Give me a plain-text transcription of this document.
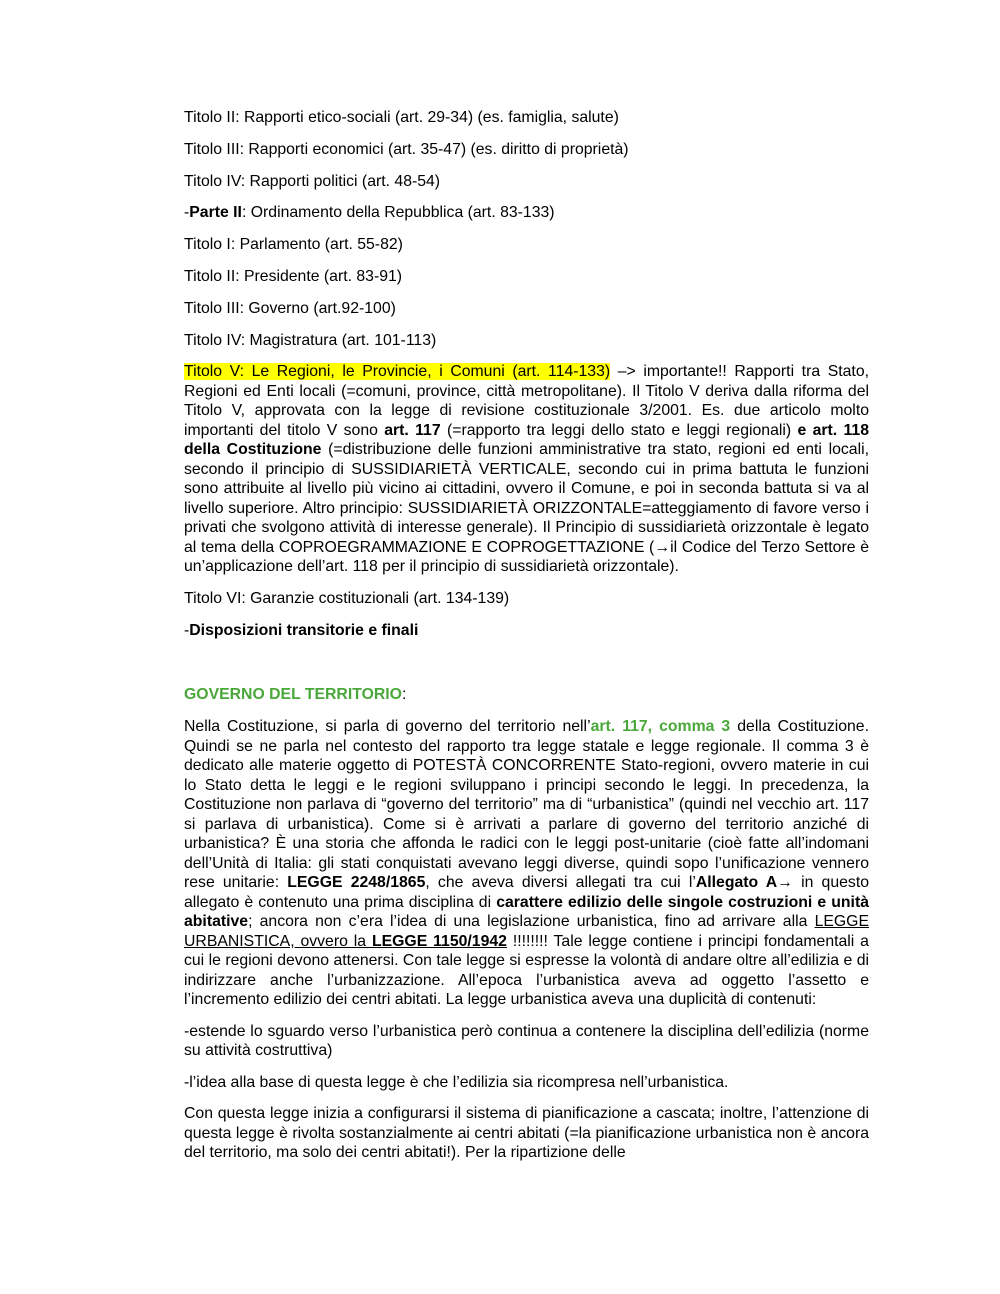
Titolo II: Rapporti etico-sociali (art. 29-34) (es. famiglia, salute)
Titolo III: Rapporti economici (art. 35-47) (es. diritto di proprietà)
Titolo IV: Rapporti politici (art. 48-54)
-Parte II: Ordinamento della Repubblica (art. 83-133)
Titolo I: Parlamento (art. 55-82)
Titolo II: Presidente (art. 83-91)
Titolo III: Governo (art.92-100)
Titolo IV: Magistratura (art. 101-113)
Titolo V: Le Regioni, le Provincie, i Comuni (art. 114-133) –> importante!! Rapporti tra Stato, Regioni ed Enti locali (=comuni, province, città metropolitane). Il Titolo V deriva dalla riforma del Titolo V, approvata con la legge di revisione costituzionale 3/2001. Es. due articolo molto importanti del titolo V sono art. 117 (=rapporto tra leggi dello stato e leggi regionali) e art. 118 della Costituzione (=distribuzione delle funzioni amministrative tra stato, regioni ed enti locali, secondo il principio di SUSSIDIARIETÀ VERTICALE, secondo cui in prima battuta le funzioni sono attribuite al livello più vicino ai cittadini, ovvero il Comune, e poi in seconda battuta si va al livello superiore. Altro principio: SUSSIDIARIETÀ ORIZZONTALE=atteggiamento di favore verso i privati che svolgono attività di interesse generale). Il Principio di sussidiarietà orizzontale è legato al tema della COPROEGRAMMAZIONE E COPROGETTAZIONE (→il Codice del Terzo Settore è un’applicazione dell’art. 118 per il principio di sussidiarietà orizzontale).
Titolo VI: Garanzie costituzionali (art. 134-139)
-Disposizioni transitorie e finali
GOVERNO DEL TERRITORIO:
Nella Costituzione, si parla di governo del territorio nell’art. 117, comma 3 della Costituzione. Quindi se ne parla nel contesto del rapporto tra legge statale e legge regionale. Il comma 3 è dedicato alle materie oggetto di POTESTÀ CONCORRENTE Stato-regioni, ovvero materie in cui lo Stato detta le leggi e le regioni sviluppano i principi secondo le leggi. In precedenza, la Costituzione non parlava di “governo del territorio” ma di “urbanistica” (quindi nel vecchio art. 117 si parlava di urbanistica). Come si è arrivati a parlare di governo del territorio anziché di urbanistica? È una storia che affonda le radici con le leggi post-unitarie (cioè fatte all’indomani dell’Unità di Italia: gli stati conquistati avevano leggi diverse, quindi sopo l’unificazione vennero rese unitarie: LEGGE 2248/1865, che aveva diversi allegati tra cui l’Allegato A→ in questo allegato è contenuto una prima disciplina di carattere edilizio delle singole costruzioni e unità abitative; ancora non c’era l’idea di una legislazione urbanistica, fino ad arrivare alla LEGGE URBANISTICA, ovvero la LEGGE 1150/1942 !!!!!!!! Tale legge contiene i principi fondamentali a cui le regioni devono attenersi. Con tale legge si espresse la volontà di andare oltre all’edilizia e di indirizzare anche l’urbanizzazione. All’epoca l’urbanistica aveva ad oggetto l’assetto e l’incremento edilizio dei centri abitati. La legge urbanistica aveva una duplicità di contenuti:
-estende lo sguardo verso l’urbanistica però continua a contenere la disciplina dell’edilizia (norme su attività costruttiva)
-l’idea alla base di questa legge è che l’edilizia sia ricompresa nell’urbanistica.
Con questa legge inizia a configurarsi il sistema di pianificazione a cascata; inoltre, l’attenzione di questa legge è rivolta sostanzialmente ai centri abitati (=la pianificazione urbanistica non è ancora del territorio, ma solo dei centri abitati!). Per la ripartizione delle
